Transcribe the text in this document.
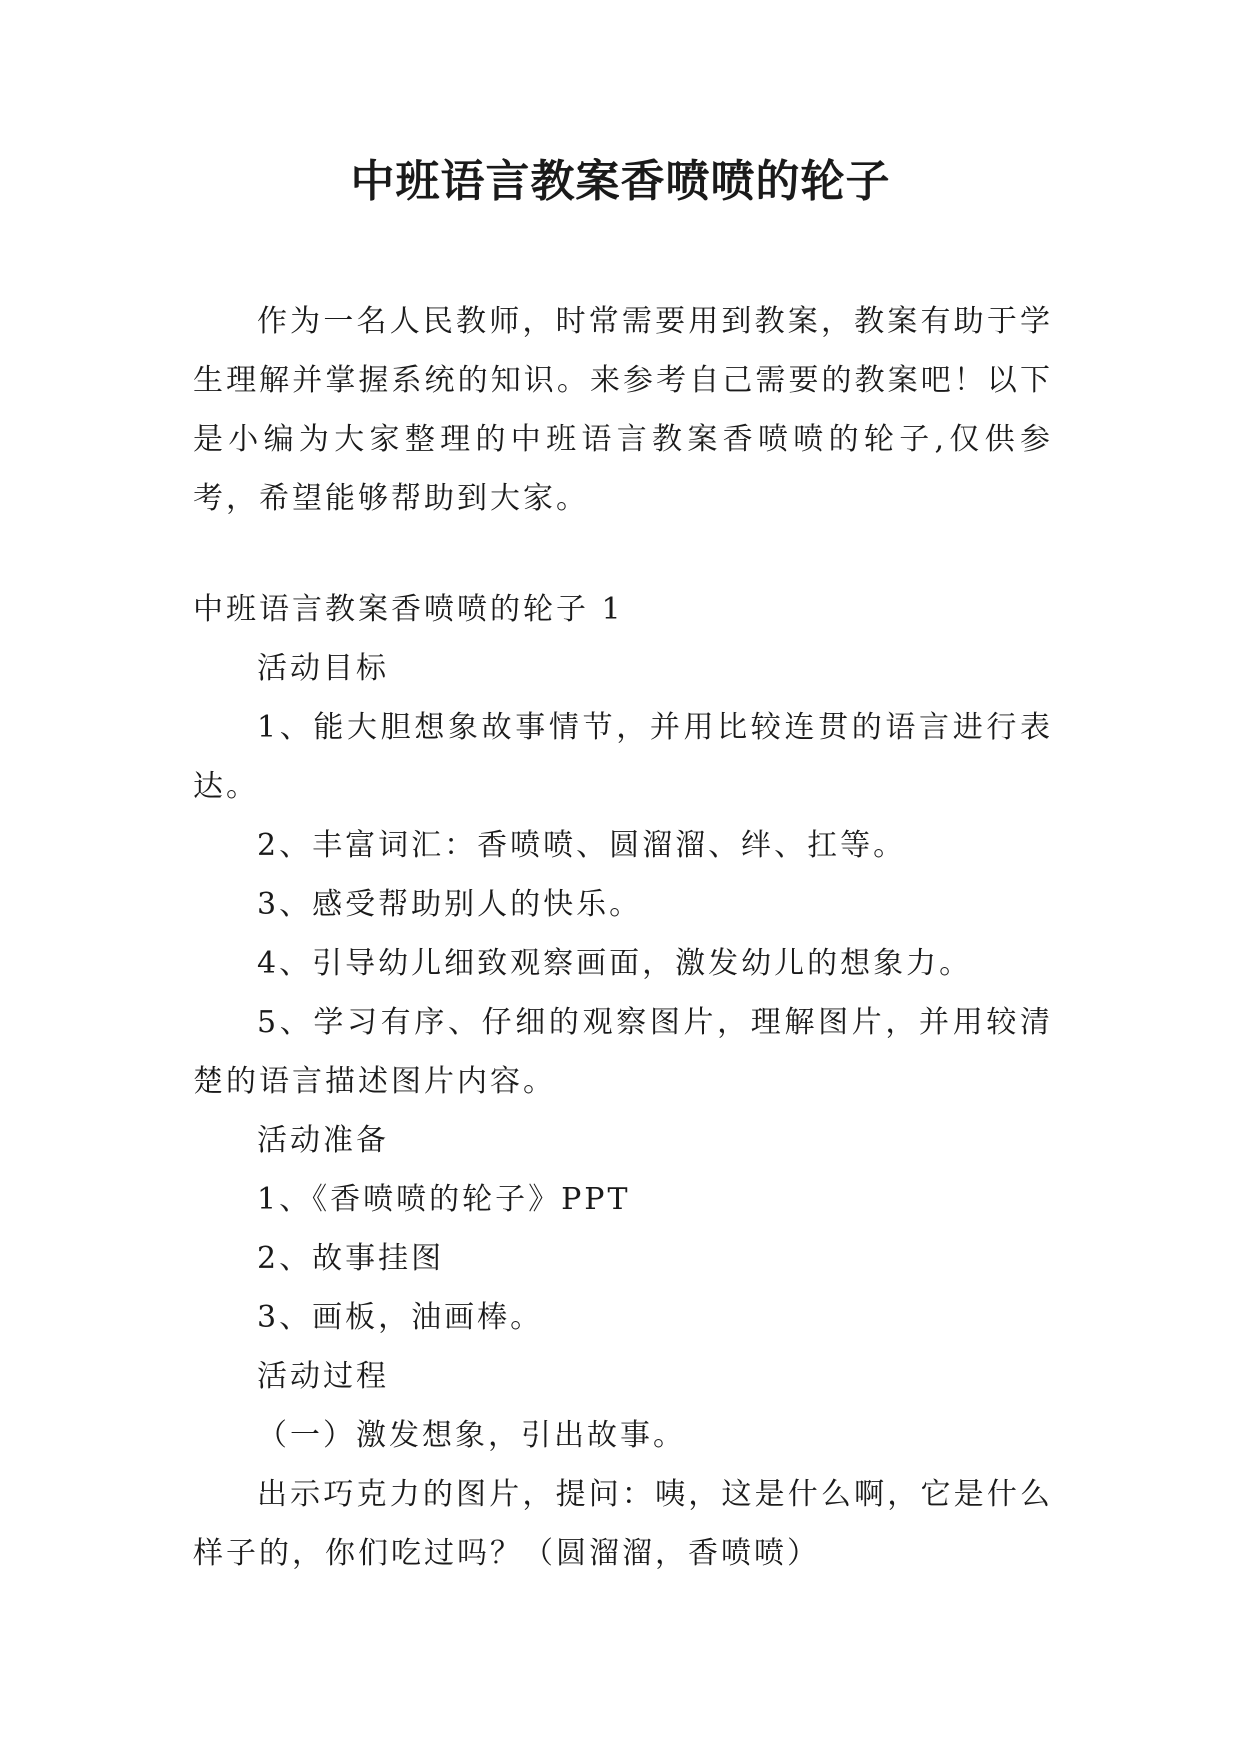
中班语言教案香喷喷的轮子

作为一名人民教师，时常需要用到教案，教案有助于学生理解并掌握系统的知识。来参考自己需要的教案吧！以下是小编为大家整理的中班语言教案香喷喷的轮子,仅供参考，希望能够帮助到大家。

中班语言教案香喷喷的轮子 1

活动目标

1、能大胆想象故事情节，并用比较连贯的语言进行表达。

2、丰富词汇：香喷喷、圆溜溜、绊、扛等。

3、感受帮助别人的快乐。

4、引导幼儿细致观察画面，激发幼儿的想象力。

5、学习有序、仔细的观察图片，理解图片，并用较清楚的语言描述图片内容。

活动准备

1、《香喷喷的轮子》PPT

2、故事挂图

3、画板，油画棒。

活动过程

（一）激发想象，引出故事。

出示巧克力的图片，提问：咦，这是什么啊，它是什么样子的，你们吃过吗？（圆溜溜，香喷喷）
